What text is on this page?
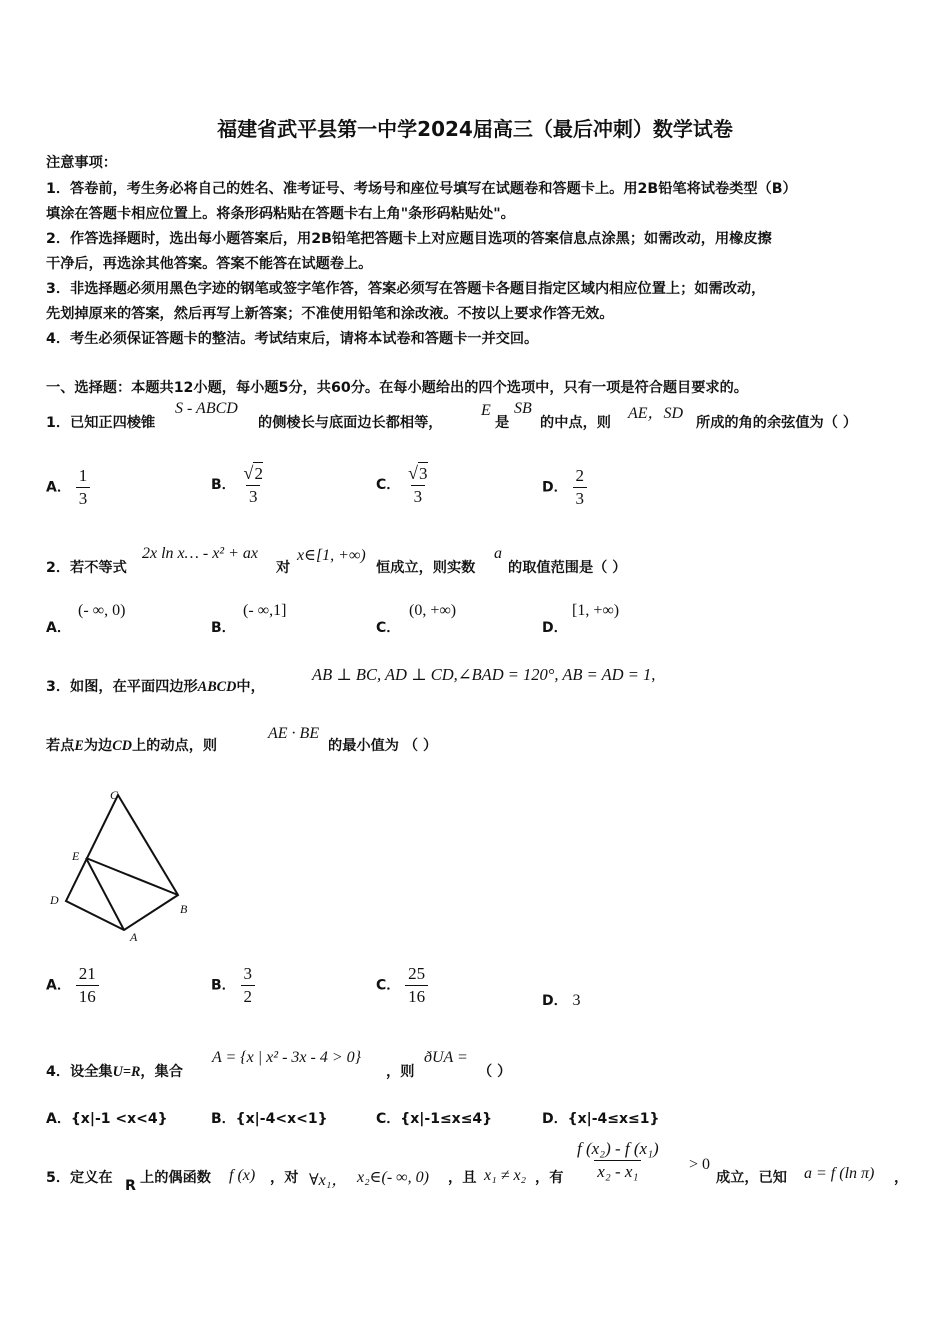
福建省武平县第一中学2024届高三（最后冲刺）数学试卷
注意事项：
1．答卷前，考生务必将自己的姓名、准考证号、考场号和座位号填写在试题卷和答题卡上。用2B铅笔将试卷类型（B）
填涂在答题卡相应位置上。将条形码粘贴在答题卡右上角"条形码粘贴处"。
2．作答选择题时，选出每小题答案后，用2B铅笔把答题卡上对应题目选项的答案信息点涂黑；如需改动，用橡皮擦
干净后，再选涂其他答案。答案不能答在试题卷上。
3．非选择题必须用黑色字迹的钢笔或签字笔作答，答案必须写在答题卡各题目指定区域内相应位置上；如需改动，
先划掉原来的答案，然后再写上新答案；不准使用铅笔和涂改液。不按以上要求作答无效。
4．考生必须保证答题卡的整洁。考试结束后，请将本试卷和答题卡一并交回。
一、选择题：本题共12小题，每小题5分，共60分。在每小题给出的四个选项中，只有一项是符合题目要求的。
1．已知正四棱锥
S - ABCD
的侧棱长与底面边长都相等，
E
是
SB
的中点，则
AE，SD
所成的角的余弦值为（ ）
A． $\frac{1}{3}$	B． $\frac{√2}{3}$	C． $\frac{√3}{3}$	D． $\frac{2}{3}$
2．若不等式
2x ln x… - x² + ax
对
x∈[1, +∞)
恒成立，则实数
a
的取值范围是（ ）
A．
(- ∞, 0)
B．
(- ∞,1]
C．
(0, +∞)
D．
[1, +∞)
3．如图，在平面四边形ABCD中，
AB ⊥ BC, AD ⊥ CD,∠BAD = 120°, AB = AD = 1,
若点E为边CD上的动点，则
AE · BE
的最小值为 （ ）
C
E
D
B
A
A． $\frac{21}{16}$	B． $\frac{3}{2}$	C． $\frac{25}{16}$	D． 3
4．设全集U=R，集合
A = {x | x² - 3x - 4 > 0}
，则
ðUA =
（ ）
A．{x|-1 <x<4}	B．{x|-4<x<1}	C．{x|-1≤x≤4}	D．{x|-4≤x≤1}
5．定义在 R 上的偶函数 f (x) ，对 ∀x₁， x₂∈(- ∞, 0) ，且 x₁ ≠ x₂ ，有 $\frac{\text{f (x₂) - f (x₁)}}{\text{x₂ - x₁}} > 0$
成立，已知 a = f (ln π) ，
